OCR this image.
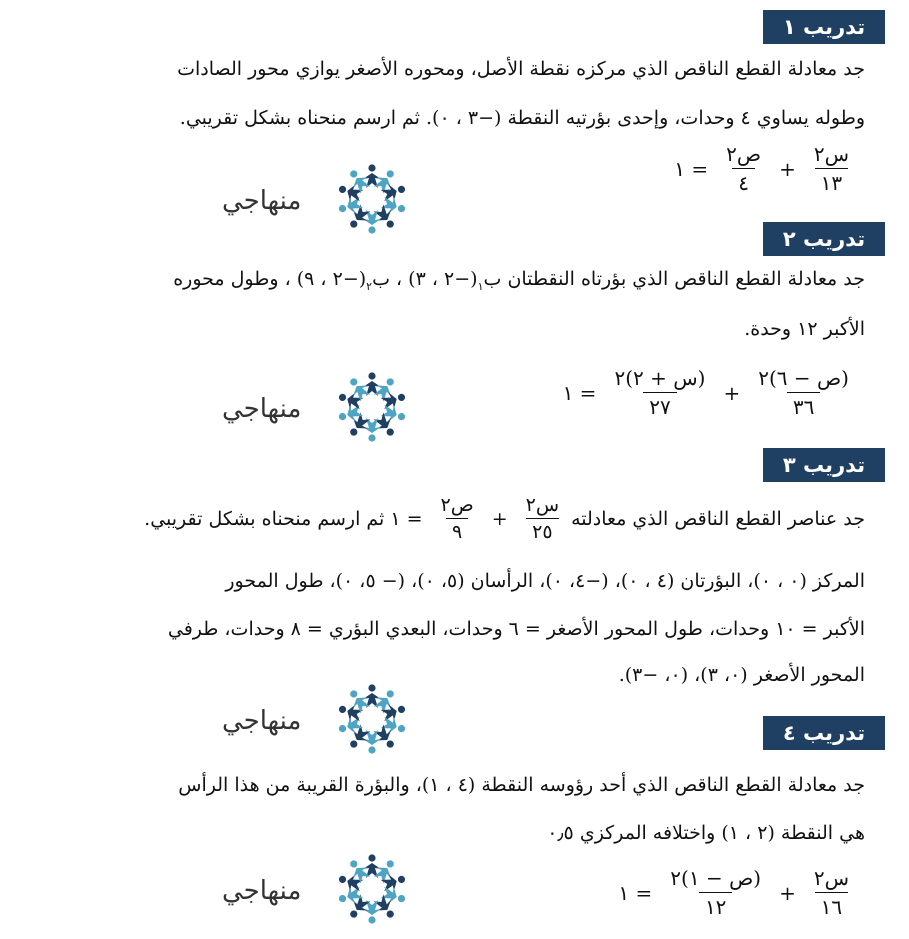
تدريب ١
جد معادلة القطع الناقص الذي مركزه نقطة الأصل، ومحوره الأصغر يوازي محور الصادات
وطوله يساوي ٤ وحدات، وإحدى بؤرتيه النقطة (−٣ ، ٠). ثم ارسم منحناه بشكل تقريبي.
$\frac{\text{س٢}}{١٣}$
+
$\frac{\text{ص٢}}{٤}$
= ١
منهاجي
تدريب ٢
جد معادلة القطع الناقص الذي بؤرتاه النقطتان ب$_١$(−٢ ، ٣) ، ب$_٢$(−٢ ، ٩) ، وطول محوره
الأكبر ١٢ وحدة.
$\frac{\text{(ص − ٦)٢}}{٣٦}$
+
$\frac{\text{(س + ٢)٢}}{٢٧}$
= ١
منهاجي
تدريب ٣
جد عناصر القطع الناقص الذي معادلته
$\frac{\text{س٢}}{٢٥}$
+
$\frac{\text{ص٢}}{٩}$
= ١
ثم ارسم منحناه بشكل تقريبي.
المركز (٠ ، ٠)، البؤرتان (٤ ، ٠)، (−٤، ٠)، الرأسان (٥، ٠)، (− ٥، ٠)، طول المحور
الأكبر = ١٠ وحدات، طول المحور الأصغر = ٦ وحدات، البعدي البؤري = ٨ وحدات، طرفي
المحور الأصغر (٠، ٣)، (٠، −٣).
منهاجي	تدريب ٤
جد معادلة القطع الناقص الذي أحد رؤوسه النقطة (٤ ، ١)، والبؤرة القريبة من هذا الرأس
هي النقطة (٢ ، ١) واختلافه المركزي ٠٫٥
منهاجي	$\frac{\text{س٢}}{١٦}$
+
$\frac{\text{(ص − ١)٢}}{١٢}$
= ١
